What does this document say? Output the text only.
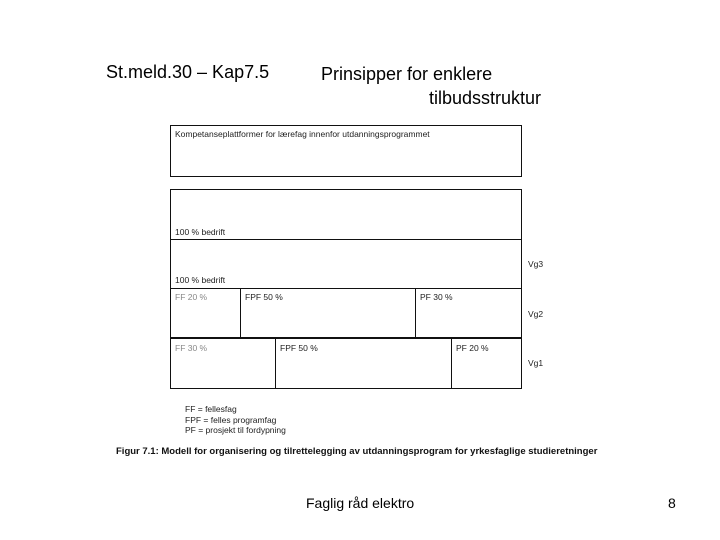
St.meld.30 – Kap7.5	Prinsipper for enklere
tilbudsstruktur
Kompetanseplattformer for lærefag innenfor utdanningsprogrammet
100 % bedrift
100 % bedrift
FF 20 %	FPF 50 %	PF 30 %
FF 30 %	FPF 50 %	PF 20 %
Vg3
Vg2
Vg1
FF = fellesfag
FPF = felles programfag
PF = prosjekt til fordypning
Figur 7.1: Modell for organisering og tilrettelegging av utdanningsprogram for yrkesfaglige studieretninger
Faglig råd elektro	8
